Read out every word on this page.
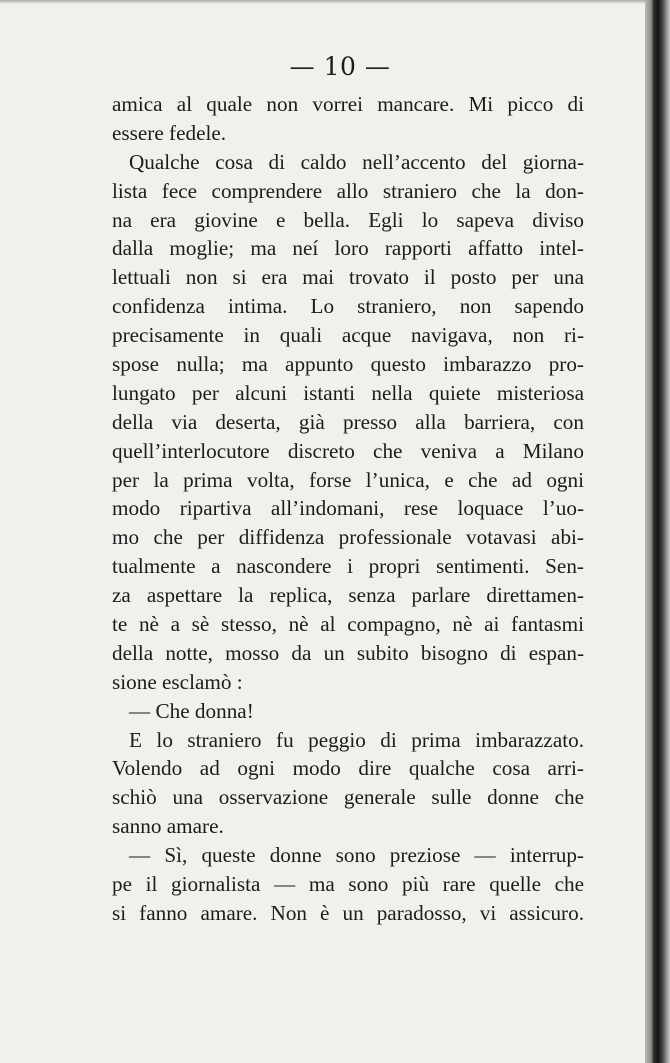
— 10 —
amica al quale non vorrei mancare. Mi picco di
essere fedele.
Qualche cosa di caldo nell’accento del giorna-
lista fece comprendere allo straniero che la don-
na era giovine e bella. Egli lo sapeva diviso
dalla moglie; ma neí loro rapporti affatto intel-
lettuali non si era mai trovato il posto per una
confidenza intima. Lo straniero, non sapendo
precisamente in quali acque navigava, non ri-
spose nulla; ma appunto questo imbarazzo pro-
lungato per alcuni istanti nella quiete misteriosa
della via deserta, già presso alla barriera, con
quell’interlocutore discreto che veniva a Milano
per la prima volta, forse l’unica, e che ad ogni
modo ripartiva all’indomani, rese loquace l’uo-
mo che per diffidenza professionale votavasi abi-
tualmente a nascondere i propri sentimenti. Sen-
za aspettare la replica, senza parlare direttamen-
te nè a sè stesso, nè al compagno, nè ai fantasmi
della notte, mosso da un subito bisogno di espan-
sione esclamò :
— Che donna!
E lo straniero fu peggio di prima imbarazzato.
Volendo ad ogni modo dire qualche cosa arri-
schiò una osservazione generale sulle donne che
sanno amare.
— Sì, queste donne sono preziose — interrup-
pe il giornalista — ma sono più rare quelle che
si fanno amare. Non è un paradosso, vi assicuro.
